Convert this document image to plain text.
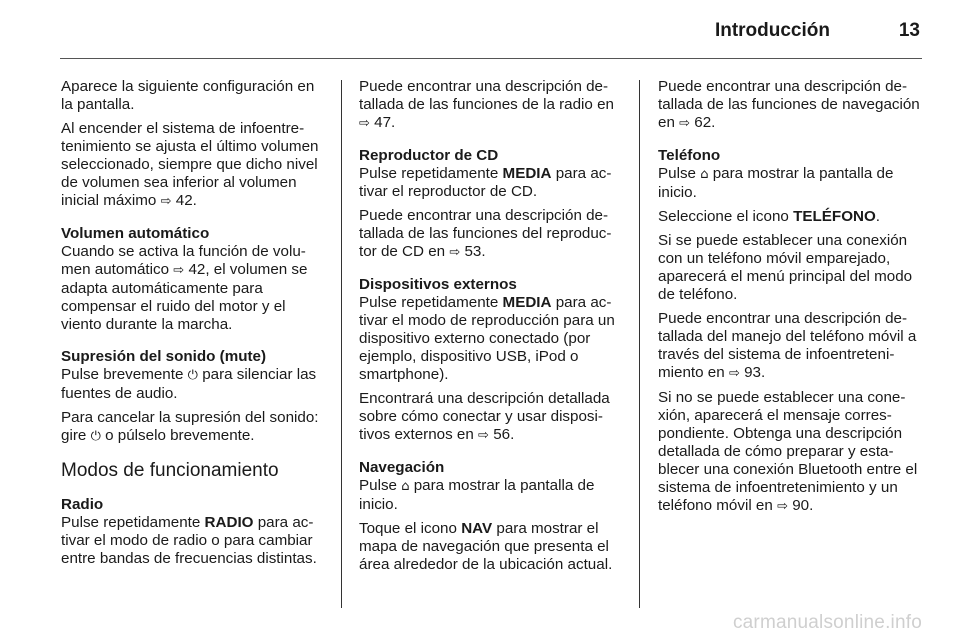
Introducción	13

Aparece la siguiente configuración en la pantalla.

Al encender el sistema de infoentretenimiento se ajusta el último volumen seleccionado, siempre que dicho nivel de volumen sea inferior al volumen inicial máximo ⇨ 42.

Volumen automático

Cuando se activa la función de volumen automático ⇨ 42, el volumen se adapta automáticamente para compensar el ruido del motor y el viento durante la marcha.

Supresión del sonido (mute)

Pulse brevemente ⏻ para silenciar las fuentes de audio.

Para cancelar la supresión del sonido: gire ⏻ o púlselo brevemente.

Modos de funcionamiento
Radio

Pulse repetidamente RADIO para activar el modo de radio o para cambiar entre bandas de frecuencias distintas.

Puede encontrar una descripción detallada de las funciones de la radio en ⇨ 47.

Reproductor de CD

Pulse repetidamente MEDIA para activar el reproductor de CD.

Puede encontrar una descripción detallada de las funciones del reproductor de CD en ⇨ 53.

Dispositivos externos

Pulse repetidamente MEDIA para activar el modo de reproducción para un dispositivo externo conectado (por ejemplo, dispositivo USB, iPod o smartphone).

Encontrará una descripción detallada sobre cómo conectar y usar dispositivos externos en ⇨ 56.

Navegación

Pulse ⌂ para mostrar la pantalla de inicio.

Toque el icono NAV para mostrar el mapa de navegación que presenta el área alrededor de la ubicación actual.

Puede encontrar una descripción detallada de las funciones de navegación en ⇨ 62.

Teléfono

Pulse ⌂ para mostrar la pantalla de inicio.

Seleccione el icono TELÉFONO.

Si se puede establecer una conexión con un teléfono móvil emparejado, aparecerá el menú principal del modo de teléfono.

Puede encontrar una descripción detallada del manejo del teléfono móvil a través del sistema de infoentretenimiento en ⇨ 93.

Si no se puede establecer una conexión, aparecerá el mensaje correspondiente. Obtenga una descripción detallada de cómo preparar y establecer una conexión Bluetooth entre el sistema de infoentretenimiento y un teléfono móvil en ⇨ 90.

carmanualsonline.info
